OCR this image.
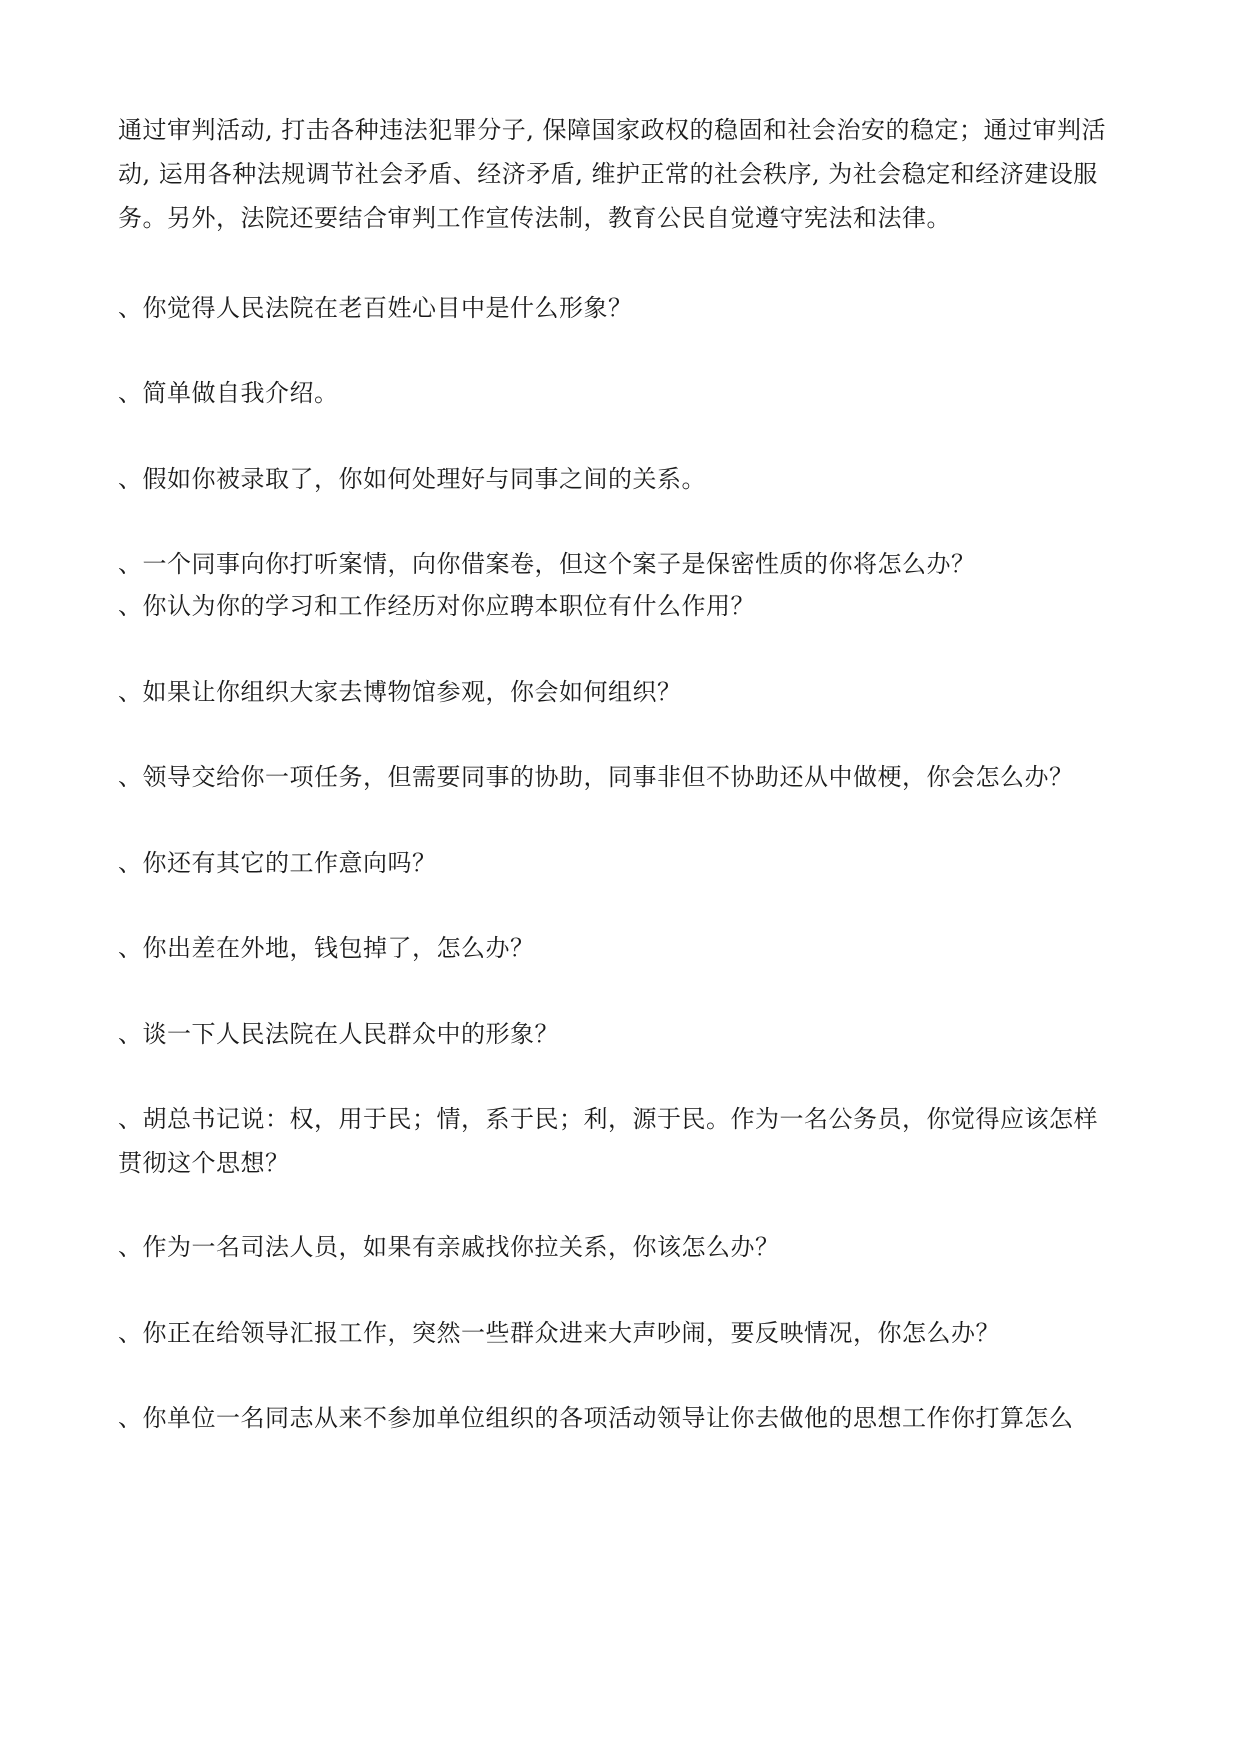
通过审判活动, 打击各种违法犯罪分子, 保障国家政权的稳固和社会治安的稳定；通过审判活
动, 运用各种法规调节社会矛盾、经济矛盾, 维护正常的社会秩序, 为社会稳定和经济建设服
务。另外，法院还要结合审判工作宣传法制，教育公民自觉遵守宪法和法律。

、你觉得人民法院在老百姓心目中是什么形象？

、简单做自我介绍。

、假如你被录取了，你如何处理好与同事之间的关系。

、一个同事向你打听案情，向你借案卷，但这个案子是保密性质的你将怎么办？

、你认为你的学习和工作经历对你应聘本职位有什么作用？

、如果让你组织大家去博物馆参观，你会如何组织？

、领导交给你一项任务，但需要同事的协助，同事非但不协助还从中做梗，你会怎么办？

、你还有其它的工作意向吗？

、你出差在外地，钱包掉了，怎么办？

、谈一下人民法院在人民群众中的形象？

、胡总书记说：权，用于民；情，系于民；利，源于民。作为一名公务员，你觉得应该怎样
贯彻这个思想？

、作为一名司法人员，如果有亲戚找你拉关系，你该怎么办？

、你正在给领导汇报工作，突然一些群众进来大声吵闹，要反映情况，你怎么办？

、你单位一名同志从来不参加单位组织的各项活动领导让你去做他的思想工作你打算怎么
